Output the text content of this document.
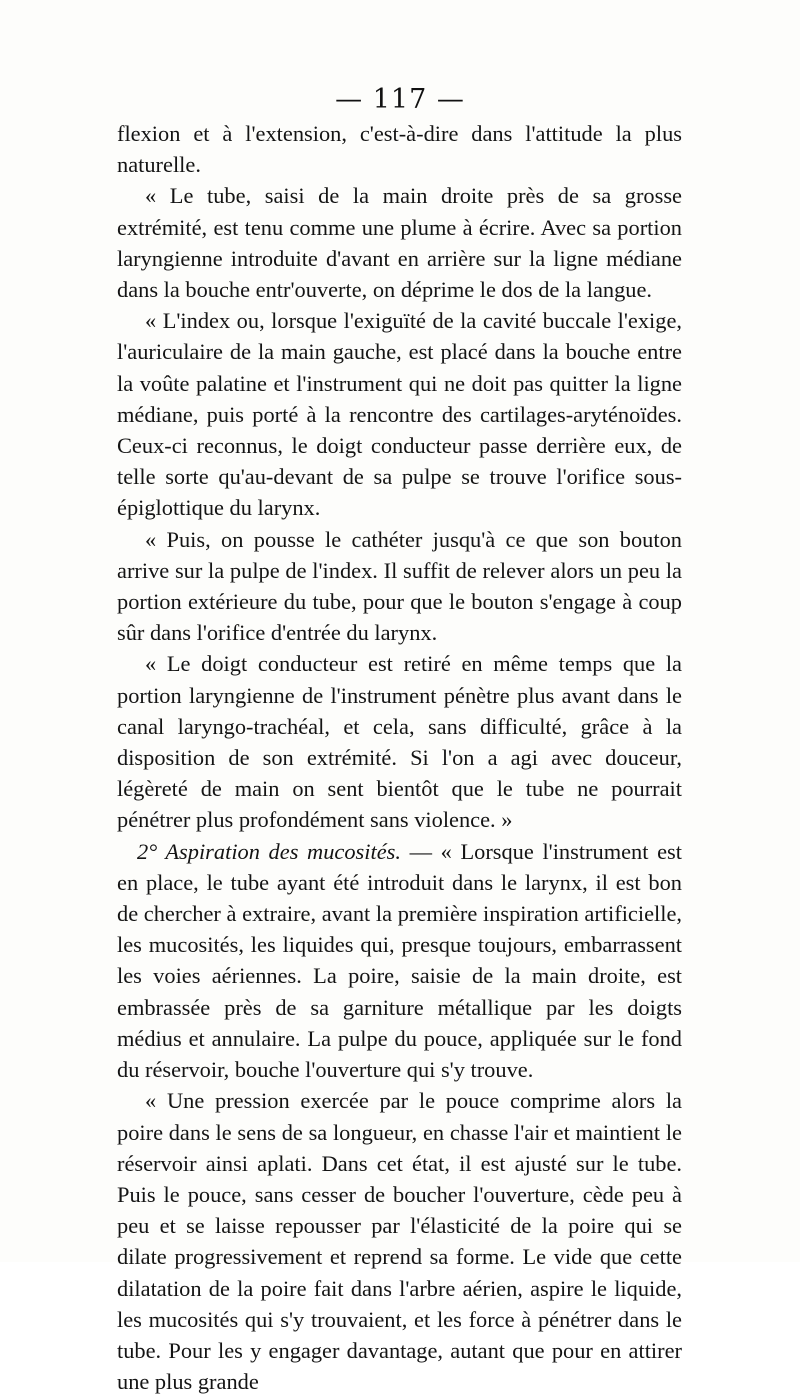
— 117 —

flexion et à l'extension, c'est-à-dire dans l'attitude la plus naturelle.

« Le tube, saisi de la main droite près de sa grosse extrémité, est tenu comme une plume à écrire. Avec sa portion laryngienne introduite d'avant en arrière sur la ligne médiane dans la bouche entr'ouverte, on déprime le dos de la langue.

« L'index ou, lorsque l'exiguïté de la cavité buccale l'exige, l'auriculaire de la main gauche, est placé dans la bouche entre la voûte palatine et l'instrument qui ne doit pas quitter la ligne médiane, puis porté à la rencontre des cartilages-aryténoïdes. Ceux-ci reconnus, le doigt conducteur passe derrière eux, de telle sorte qu'au-devant de sa pulpe se trouve l'orifice sous-épiglottique du larynx.

« Puis, on pousse le cathéter jusqu'à ce que son bouton arrive sur la pulpe de l'index. Il suffit de relever alors un peu la portion extérieure du tube, pour que le bouton s'engage à coup sûr dans l'orifice d'entrée du larynx.

« Le doigt conducteur est retiré en même temps que la portion laryngienne de l'instrument pénètre plus avant dans le canal laryngo-trachéal, et cela, sans difficulté, grâce à la disposition de son extrémité. Si l'on a agi avec douceur, légèreté de main on sent bientôt que le tube ne pourrait pénétrer plus profondément sans violence. »

2° Aspiration des mucosités. — « Lorsque l'instrument est en place, le tube ayant été introduit dans le larynx, il est bon de chercher à extraire, avant la première inspiration artificielle, les mucosités, les liquides qui, presque toujours, embarrassent les voies aériennes. La poire, saisie de la main droite, est embrassée près de sa garniture métallique par les doigts médius et annulaire. La pulpe du pouce, appliquée sur le fond du réservoir, bouche l'ouverture qui s'y trouve.

« Une pression exercée par le pouce comprime alors la poire dans le sens de sa longueur, en chasse l'air et maintient le réservoir ainsi aplati. Dans cet état, il est ajusté sur le tube. Puis le pouce, sans cesser de boucher l'ouverture, cède peu à peu et se laisse repousser par l'élasticité de la poire qui se dilate progressivement et reprend sa forme. Le vide que cette dilatation de la poire fait dans l'arbre aérien, aspire le liquide, les mucosités qui s'y trouvaient, et les force à pénétrer dans le tube. Pour les y engager davantage, autant que pour en attirer une plus grande
